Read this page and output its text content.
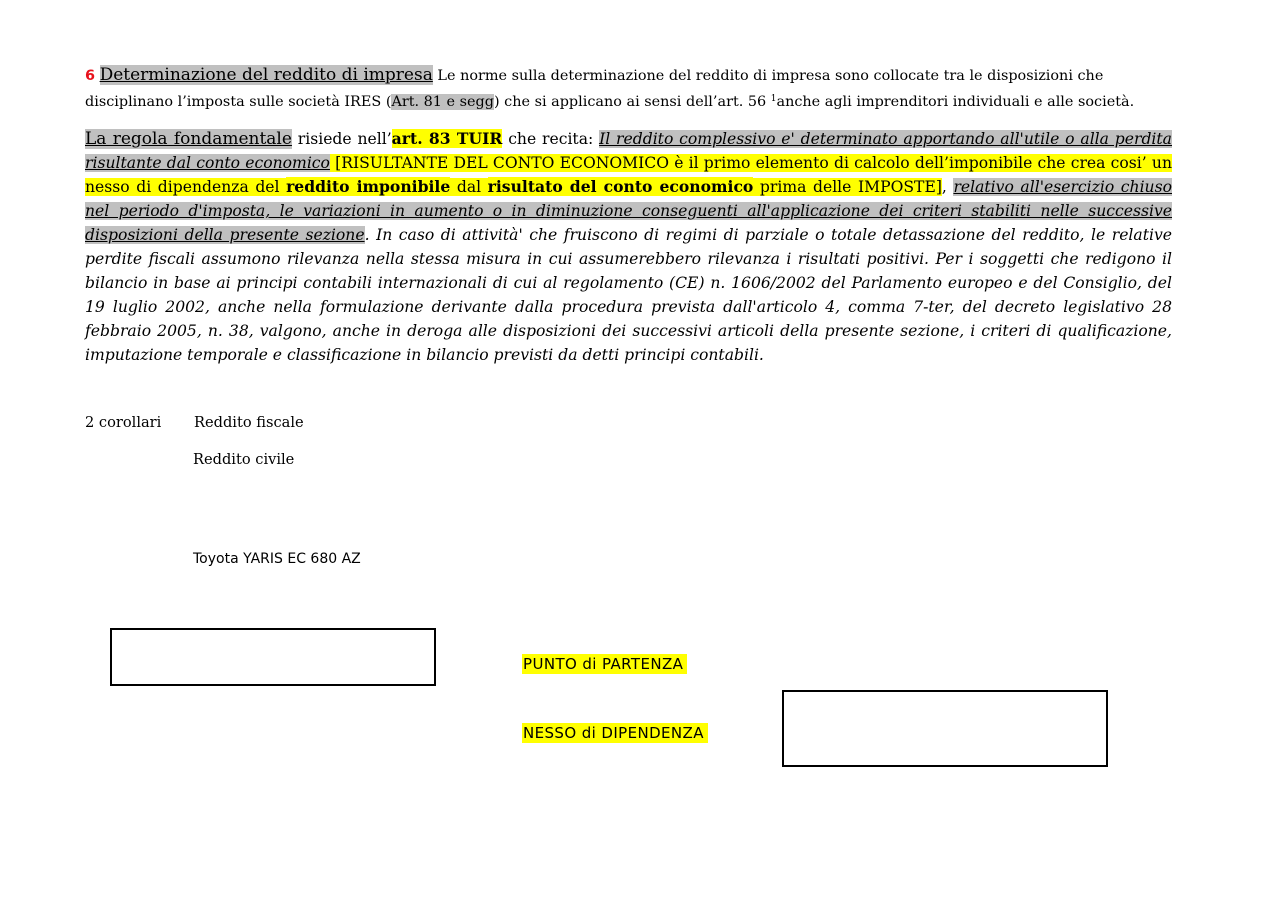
6 Determinazione del reddito di impresa Le norme sulla determinazione del reddito di impresa sono collocate tra le disposizioni che disciplinano l’imposta sulle società IRES (Art. 81 e segg) che si applicano ai sensi dell’art. 56 $^1$anche agli imprenditori individuali e alle società.
La regola fondamentale risiede nell’art. 83 TUIR che recita: Il reddito complessivo e' determinato apportando all'utile o alla perdita risultante dal conto economico [RISULTANTE DEL CONTO ECONOMICO è il primo elemento di calcolo dell’imponibile che crea cosi’ un nesso di dipendenza del reddito imponibile dal risultato del conto economico prima delle IMPOSTE], relativo all'esercizio chiuso nel periodo d'imposta, le variazioni in aumento o in diminuzione conseguenti all'applicazione dei criteri stabiliti nelle successive disposizioni della presente sezione. In caso di attività' che fruiscono di regimi di parziale o totale detassazione del reddito, le relative perdite fiscali assumono rilevanza nella stessa misura in cui assumerebbero rilevanza i risultati positivi. Per i soggetti che redigono il bilancio in base ai principi contabili internazionali di cui al regolamento (CE) n. 1606/2002 del Parlamento europeo e del Consiglio, del 19 luglio 2002, anche nella formulazione derivante dalla procedura prevista dall'articolo 4, comma 7-ter, del decreto legislativo 28 febbraio 2005, n. 38, valgono, anche in deroga alle disposizioni dei successivi articoli della presente sezione, i criteri di qualificazione, imputazione temporale e classificazione in bilancio previsti da detti principi contabili.
2 corollari Reddito fiscale
Reddito civile
Toyota YARIS EC 680 AZ
PUNTO di PARTENZA
NESSO di DIPENDENZA
